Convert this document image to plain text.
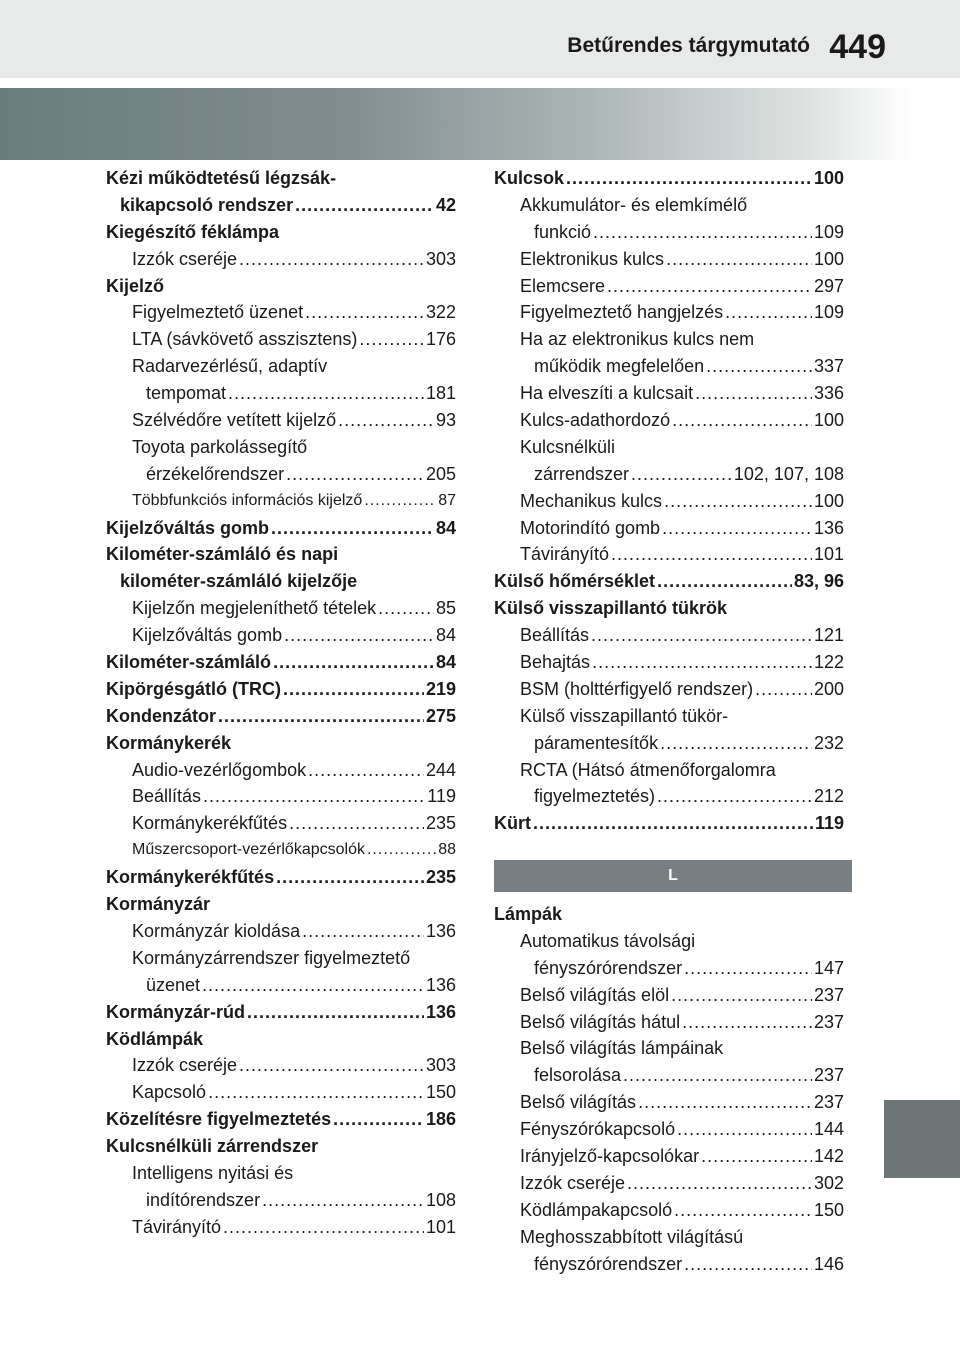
Betűrendes tárgymutató 449
Kézi működtetésű légzsák-
kikapcsoló rendszer .....	42
Kiegészítő féklámpa
Izzók cseréje .....	303
Kijelző
Figyelmeztető üzenet .....	322
LTA (sávkövető asszisztens) .....	176
Radarvezérlésű, adaptív
tempomat .....	181
Szélvédőre vetített kijelző .....	93
Toyota parkolássegítő
érzékelőrendszer .....	205
Többfunkciós információs kijelző .....	87
Kijelzőváltás gomb .....	84
Kilométer-számláló és napi
kilométer-számláló kijelzője
Kijelzőn megjeleníthető tételek .....	85
Kijelzőváltás gomb .....	84
Kilométer-számláló .....	84
Kipörgésgátló (TRC) .....	219
Kondenzátor .....	275
Kormánykerék
Audio-vezérlőgombok .....	244
Beállítás .....	119
Kormánykerékfűtés .....	235
Műszercsoport-vezérlőkapcsolók .....	88
Kormánykerékfűtés .....	235
Kormányzár
Kormányzár kioldása .....	136
Kormányzárrendszer figyelmeztető
üzenet .....	136
Kormányzár-rúd .....	136
Ködlámpák
Izzók cseréje .....	303
Kapcsoló .....	150
Közelítésre figyelmeztetés .....	186
Kulcsnélküli zárrendszer
Intelligens nyitási és
indítórendszer .....	108
Távirányító .....	101
Kulcsok .....	100
Akkumulátor- és elemkímélő
funkció .....	109
Elektronikus kulcs .....	100
Elemcsere .....	297
Figyelmeztető hangjelzés .....	109
Ha az elektronikus kulcs nem
működik megfelelően .....	337
Ha elveszíti a kulcsait .....	336
Kulcs-adathordozó .....	100
Kulcsnélküli
zárrendszer .....	102, 107, 108
Mechanikus kulcs .....	100
Motorindító gomb .....	136
Távirányító .....	101
Külső hőmérséklet .....	83, 96
Külső visszapillantó tükrök
Beállítás .....	121
Behajtás .....	122
BSM (holttérfigyelő rendszer) .....	200
Külső visszapillantó tükör-
páramentesítők .....	232
RCTA (Hátsó átmenőforgalomra
figyelmeztetés) .....	212
Kürt .....	119
L
Lámpák
Automatikus távolsági
fényszórórendszer .....	147
Belső világítás elöl .....	237
Belső világítás hátul .....	237
Belső világítás lámpáinak
felsorolása .....	237
Belső világítás .....	237
Fényszórókapcsoló .....	144
Irányjelző-kapcsolókar .....	142
Izzók cseréje .....	302
Ködlámpakapcsoló .....	150
Meghosszabbított világítású
fényszórórendszer .....	146
